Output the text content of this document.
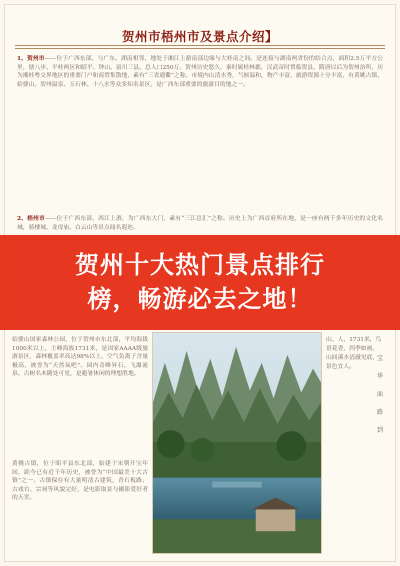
贺州市梧州市及景点介绍】
1、贺州市——位于广西东部，与广东、湖南相邻，地处于湘江上游南部边缘与大桂南之间。是连接与湖南两省份的结合点，面积2.5万平方公里，辖八步、平桂两区和昭平、钟山、富川三县，总人口250万。贺州历史悠久，秦时属桂林郡，汉武帝时置临贺县，隋唐以后为贺州治所，历为湘桂粤交界地区的重要门户和商贸集散地，素有“三省通衢”之称。市境内山清水秀，气候温和，物产丰富，旅游资源十分丰富，有黄姚古镇、姑婆山、贺州温泉、玉石林、十八水等众多知名景区，是广西东部重要的旅游目的地之一。
2、梧州市——位于广西东部，西江上游，为广西东大门，素有“三江总汇”之称。历史上为广西首府所在地，是一座有两千多年历史的文化名城，骑楼城、龙母庙、白云山等景点闻名遐迩。
贺州十大热门景点排行
榜，畅游必去之地！
姑婆山国家森林公园，位于贺州市东北部，平均海拔1000米以上，主峰海拔1731米，是国家AAAA级旅游景区，森林覆盖率高达98%以上，空气负离子含量极高，被誉为“天然氧吧”。园内奇峰异石、飞瀑流泉、古树名木随处可见，是避暑休闲的理想胜地。
黄姚古镇，位于昭平县东北部，始建于宋朝开宝年间，距今已有近千年历史，被誉为“中国最美十大古镇”之一。古镇保存有大量明清古建筑，青石板路、古戏台、宗祠等风貌完好，是电影取景与摄影爱好者的天堂。
山、人，1731米，鸟语花香，四季如画，山间溪水清澈见底，景色宜人。
宝
华
面
路
到
